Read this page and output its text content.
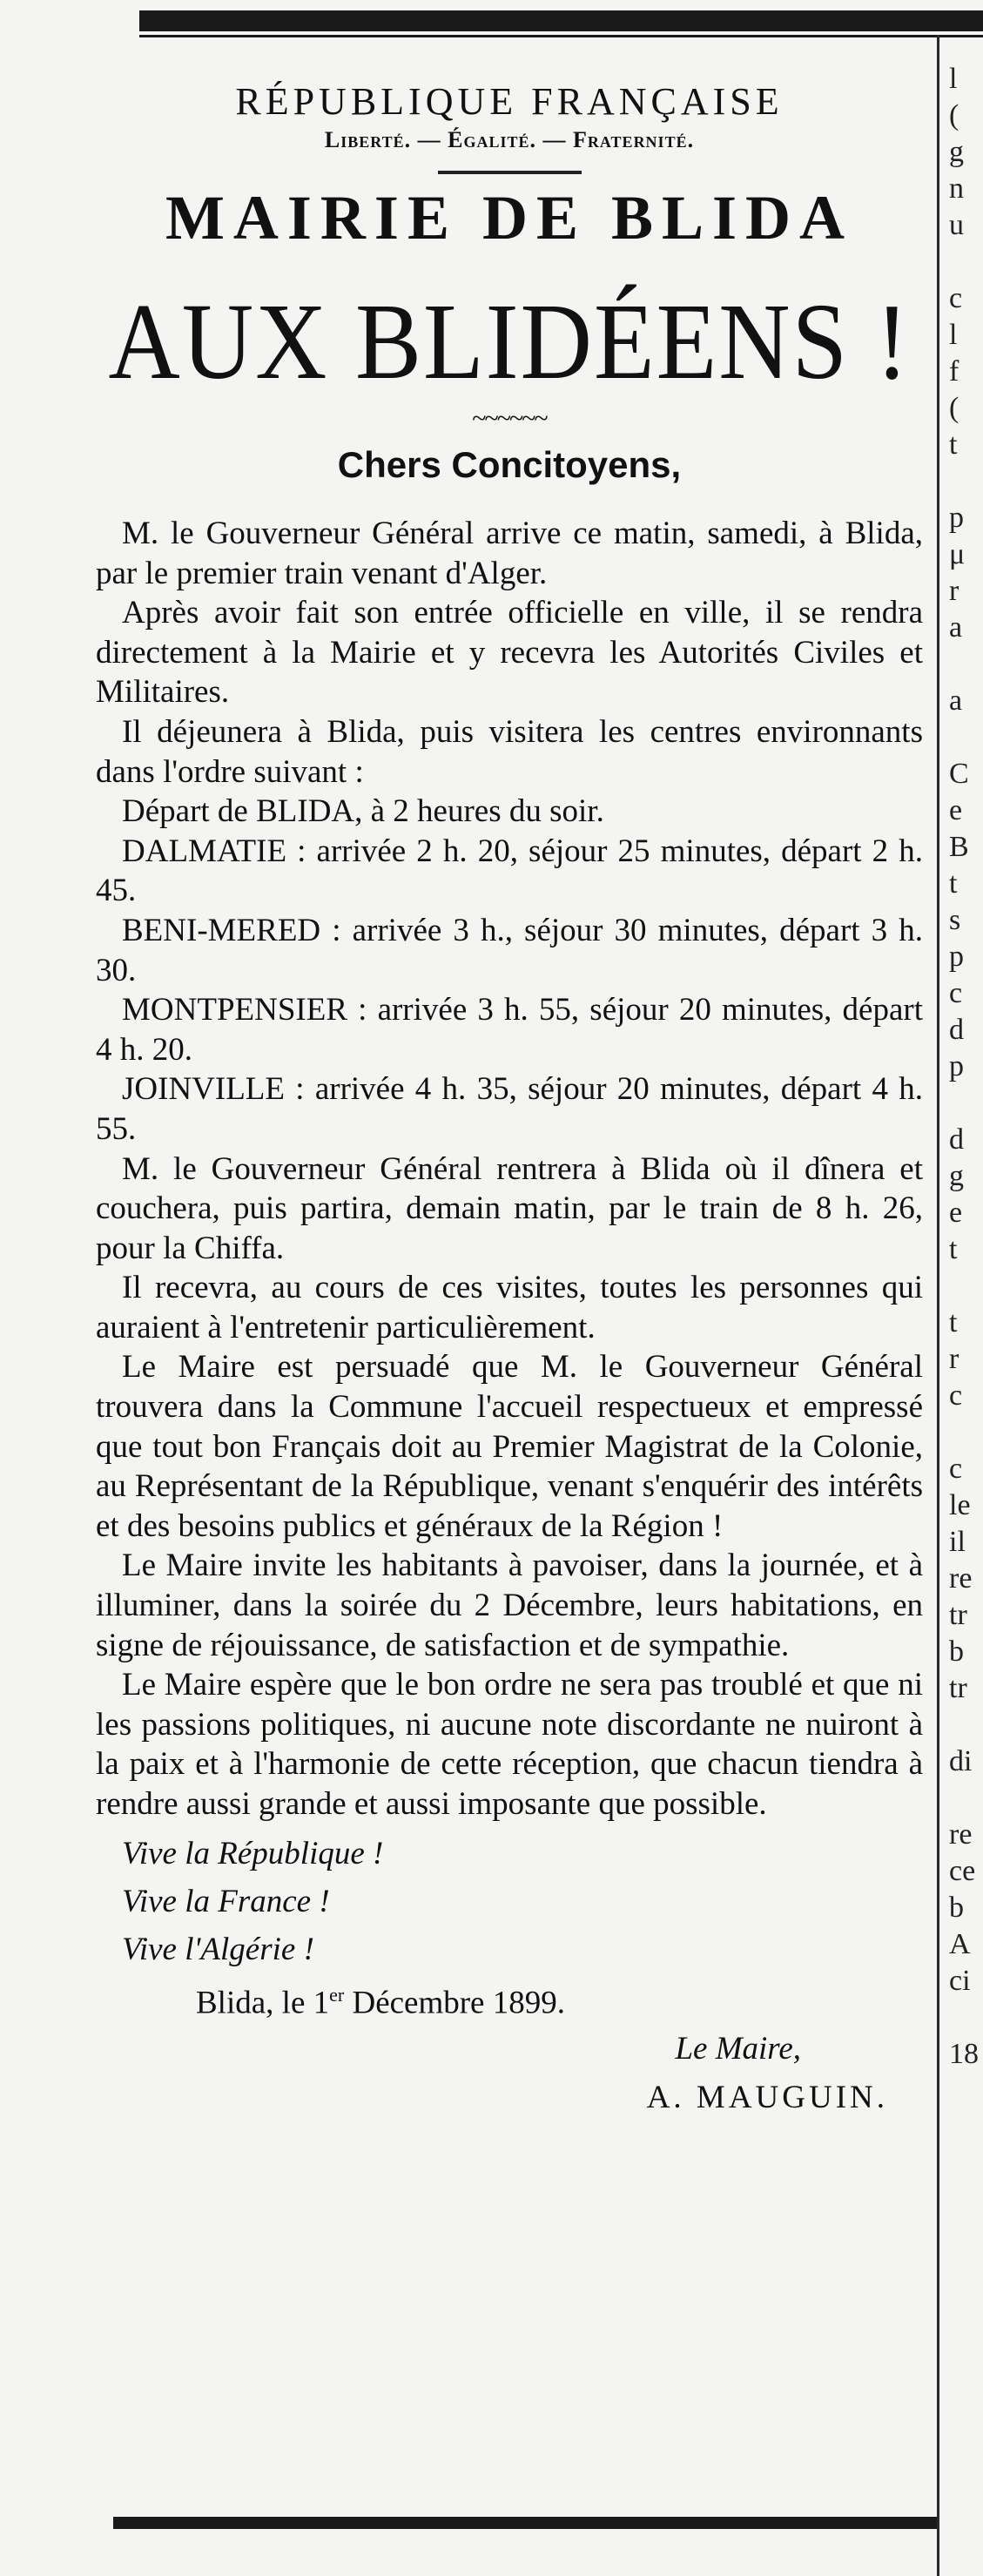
RÉPUBLIQUE FRANÇAISE
Liberté. — Égalité. — Fraternité.
MAIRIE DE BLIDA
AUX BLIDÉENS !
~~~~~~
Chers Concitoyens,

M. le Gouverneur Général arrive ce matin, samedi, à Blida, par le premier train venant d'Alger.

Après avoir fait son entrée officielle en ville, il se rendra directement à la Mairie et y recevra les Autorités Civiles et Militaires.

Il déjeunera à Blida, puis visitera les centres environnants dans l'ordre suivant :

Départ de BLIDA, à 2 heures du soir.

DALMATIE : arrivée 2 h. 20, séjour 25 minutes, départ 2 h. 45.

BENI-MERED : arrivée 3 h., séjour 30 minutes, départ 3 h. 30.

MONTPENSIER : arrivée 3 h. 55, séjour 20 minutes, départ 4 h. 20.

JOINVILLE : arrivée 4 h. 35, séjour 20 minutes, départ 4 h. 55.

M. le Gouverneur Général rentrera à Blida où il dînera et couchera, puis partira, demain matin, par le train de 8 h. 26, pour la Chiffa.

Il recevra, au cours de ces visites, toutes les personnes qui auraient à l'entretenir particulièrement.

Le Maire est persuadé que M. le Gouverneur Général trouvera dans la Commune l'accueil respectueux et empressé que tout bon Français doit au Premier Magistrat de la Colonie, au Représentant de la République, venant s'enquérir des intérêts et des besoins publics et généraux de la Région !

Le Maire invite les habitants à pavoiser, dans la journée, et à illuminer, dans la soirée du 2 Décembre, leurs habitations, en signe de réjouissance, de satisfaction et de sympathie.

Le Maire espère que le bon ordre ne sera pas troublé et que ni les passions politiques, ni aucune note discordante ne nuiront à la paix et à l'harmonie de cette réception, que chacun tiendra à rendre aussi grande et aussi imposante que possible.

Vive la République !
Vive la France !
Vive l'Algérie !
Blida, le 1er Décembre 1899.
Le Maire,
A. MAUGUIN.
l
(
g
n
u

c
l
f
(
t

p
μ
r
a

a

C
e
B
t
s
p
c
d
p

d
g
e
t

t
r
c

c
le
il
re
tr
b
tr

di

re
ce
b
A
ci

18
